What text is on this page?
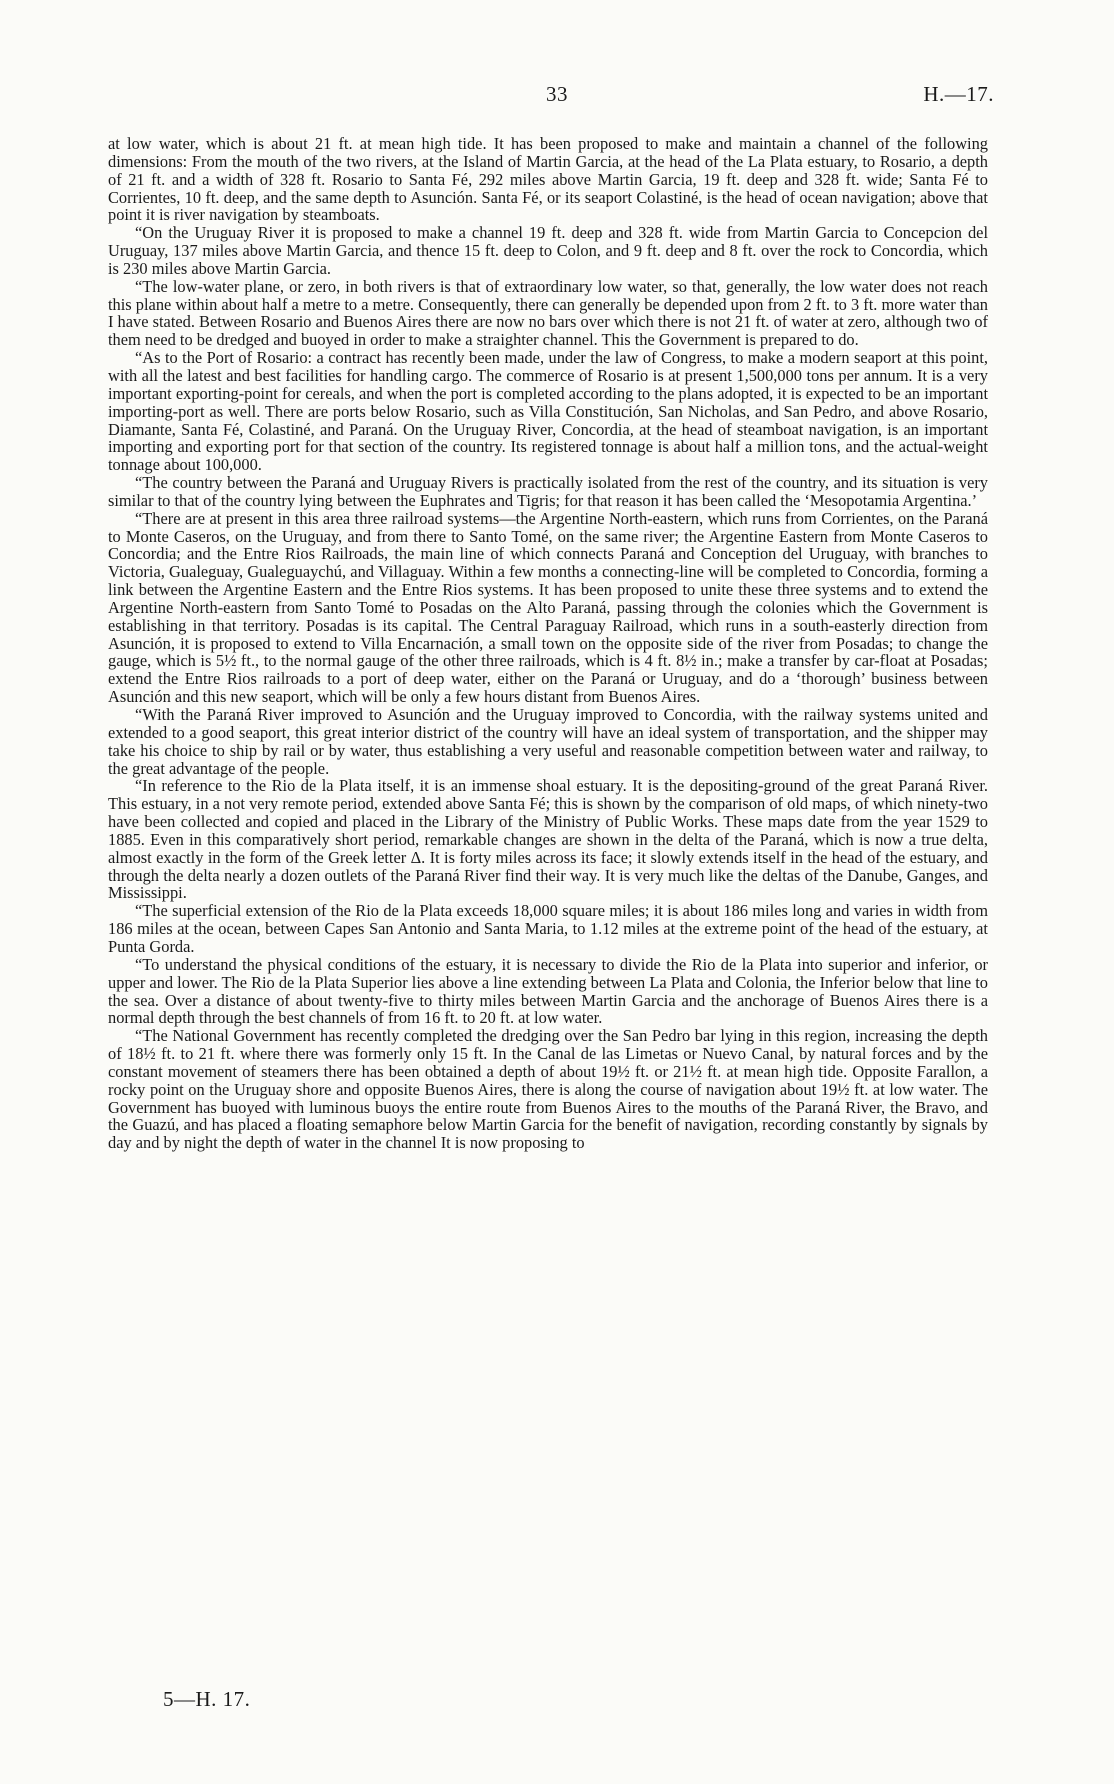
33	H.—17.

at low water, which is about 21 ft. at mean high tide. It has been proposed to make and maintain a channel of the following dimensions: From the mouth of the two rivers, at the Island of Martin Garcia, at the head of the La Plata estuary, to Rosario, a depth of 21 ft. and a width of 328 ft. Rosario to Santa Fé, 292 miles above Martin Garcia, 19 ft. deep and 328 ft. wide; Santa Fé to Corrientes, 10 ft. deep, and the same depth to Asunción. Santa Fé, or its seaport Colastiné, is the head of ocean navigation; above that point it is river navigation by steamboats.

“On the Uruguay River it is proposed to make a channel 19 ft. deep and 328 ft. wide from Martin Garcia to Concepcion del Uruguay, 137 miles above Martin Garcia, and thence 15 ft. deep to Colon, and 9 ft. deep and 8 ft. over the rock to Concordia, which is 230 miles above Martin Garcia.

“The low-water plane, or zero, in both rivers is that of extraordinary low water, so that, generally, the low water does not reach this plane within about half a metre to a metre. Consequently, there can generally be depended upon from 2 ft. to 3 ft. more water than I have stated. Between Rosario and Buenos Aires there are now no bars over which there is not 21 ft. of water at zero, although two of them need to be dredged and buoyed in order to make a straighter channel. This the Government is prepared to do.

“As to the Port of Rosario: a contract has recently been made, under the law of Congress, to make a modern seaport at this point, with all the latest and best facilities for handling cargo. The commerce of Rosario is at present 1,500,000 tons per annum. It is a very important exporting-point for cereals, and when the port is completed according to the plans adopted, it is expected to be an important importing-port as well. There are ports below Rosario, such as Villa Constitución, San Nicholas, and San Pedro, and above Rosario, Diamante, Santa Fé, Colastiné, and Paraná. On the Uruguay River, Concordia, at the head of steamboat navigation, is an important importing and exporting port for that section of the country. Its registered tonnage is about half a million tons, and the actual-weight tonnage about 100,000.

“The country between the Paraná and Uruguay Rivers is practically isolated from the rest of the country, and its situation is very similar to that of the country lying between the Euphrates and Tigris; for that reason it has been called the ‘Mesopotamia Argentina.’

“There are at present in this area three railroad systems—the Argentine North-eastern, which runs from Corrientes, on the Paraná to Monte Caseros, on the Uruguay, and from there to Santo Tomé, on the same river; the Argentine Eastern from Monte Caseros to Concordia; and the Entre Rios Railroads, the main line of which connects Paraná and Conception del Uruguay, with branches to Victoria, Gualeguay, Gualeguaychú, and Villaguay. Within a few months a connecting-line will be completed to Concordia, forming a link between the Argentine Eastern and the Entre Rios systems. It has been proposed to unite these three systems and to extend the Argentine North-eastern from Santo Tomé to Posadas on the Alto Paraná, passing through the colonies which the Government is establishing in that territory. Posadas is its capital. The Central Paraguay Railroad, which runs in a south-easterly direction from Asunción, it is proposed to extend to Villa Encarnación, a small town on the opposite side of the river from Posadas; to change the gauge, which is 5½ ft., to the normal gauge of the other three railroads, which is 4 ft. 8½ in.; make a transfer by car-float at Posadas; extend the Entre Rios railroads to a port of deep water, either on the Paraná or Uruguay, and do a ‘thorough’ business between Asunción and this new seaport, which will be only a few hours distant from Buenos Aires.

“With the Paraná River improved to Asunción and the Uruguay improved to Concordia, with the railway systems united and extended to a good seaport, this great interior district of the country will have an ideal system of transportation, and the shipper may take his choice to ship by rail or by water, thus establishing a very useful and reasonable competition between water and railway, to the great advantage of the people.

“In reference to the Rio de la Plata itself, it is an immense shoal estuary. It is the depositing-ground of the great Paraná River. This estuary, in a not very remote period, extended above Santa Fé; this is shown by the comparison of old maps, of which ninety-two have been collected and copied and placed in the Library of the Ministry of Public Works. These maps date from the year 1529 to 1885. Even in this comparatively short period, remarkable changes are shown in the delta of the Paraná, which is now a true delta, almost exactly in the form of the Greek letter Δ. It is forty miles across its face; it slowly extends itself in the head of the estuary, and through the delta nearly a dozen outlets of the Paraná River find their way. It is very much like the deltas of the Danube, Ganges, and Mississippi.

“The superficial extension of the Rio de la Plata exceeds 18,000 square miles; it is about 186 miles long and varies in width from 186 miles at the ocean, between Capes San Antonio and Santa Maria, to 1.12 miles at the extreme point of the head of the estuary, at Punta Gorda.

“To understand the physical conditions of the estuary, it is necessary to divide the Rio de la Plata into superior and inferior, or upper and lower. The Rio de la Plata Superior lies above a line extending between La Plata and Colonia, the Inferior below that line to the sea. Over a distance of about twenty-five to thirty miles between Martin Garcia and the anchorage of Buenos Aires there is a normal depth through the best channels of from 16 ft. to 20 ft. at low water.

“The National Government has recently completed the dredging over the San Pedro bar lying in this region, increasing the depth of 18½ ft. to 21 ft. where there was formerly only 15 ft. In the Canal de las Limetas or Nuevo Canal, by natural forces and by the constant movement of steamers there has been obtained a depth of about 19½ ft. or 21½ ft. at mean high tide. Opposite Farallon, a rocky point on the Uruguay shore and opposite Buenos Aires, there is along the course of navigation about 19½ ft. at low water. The Government has buoyed with luminous buoys the entire route from Buenos Aires to the mouths of the Paraná River, the Bravo, and the Guazú, and has placed a floating semaphore below Martin Garcia for the benefit of navigation, recording constantly by signals by day and by night the depth of water in the channel It is now proposing to

5—H. 17.
